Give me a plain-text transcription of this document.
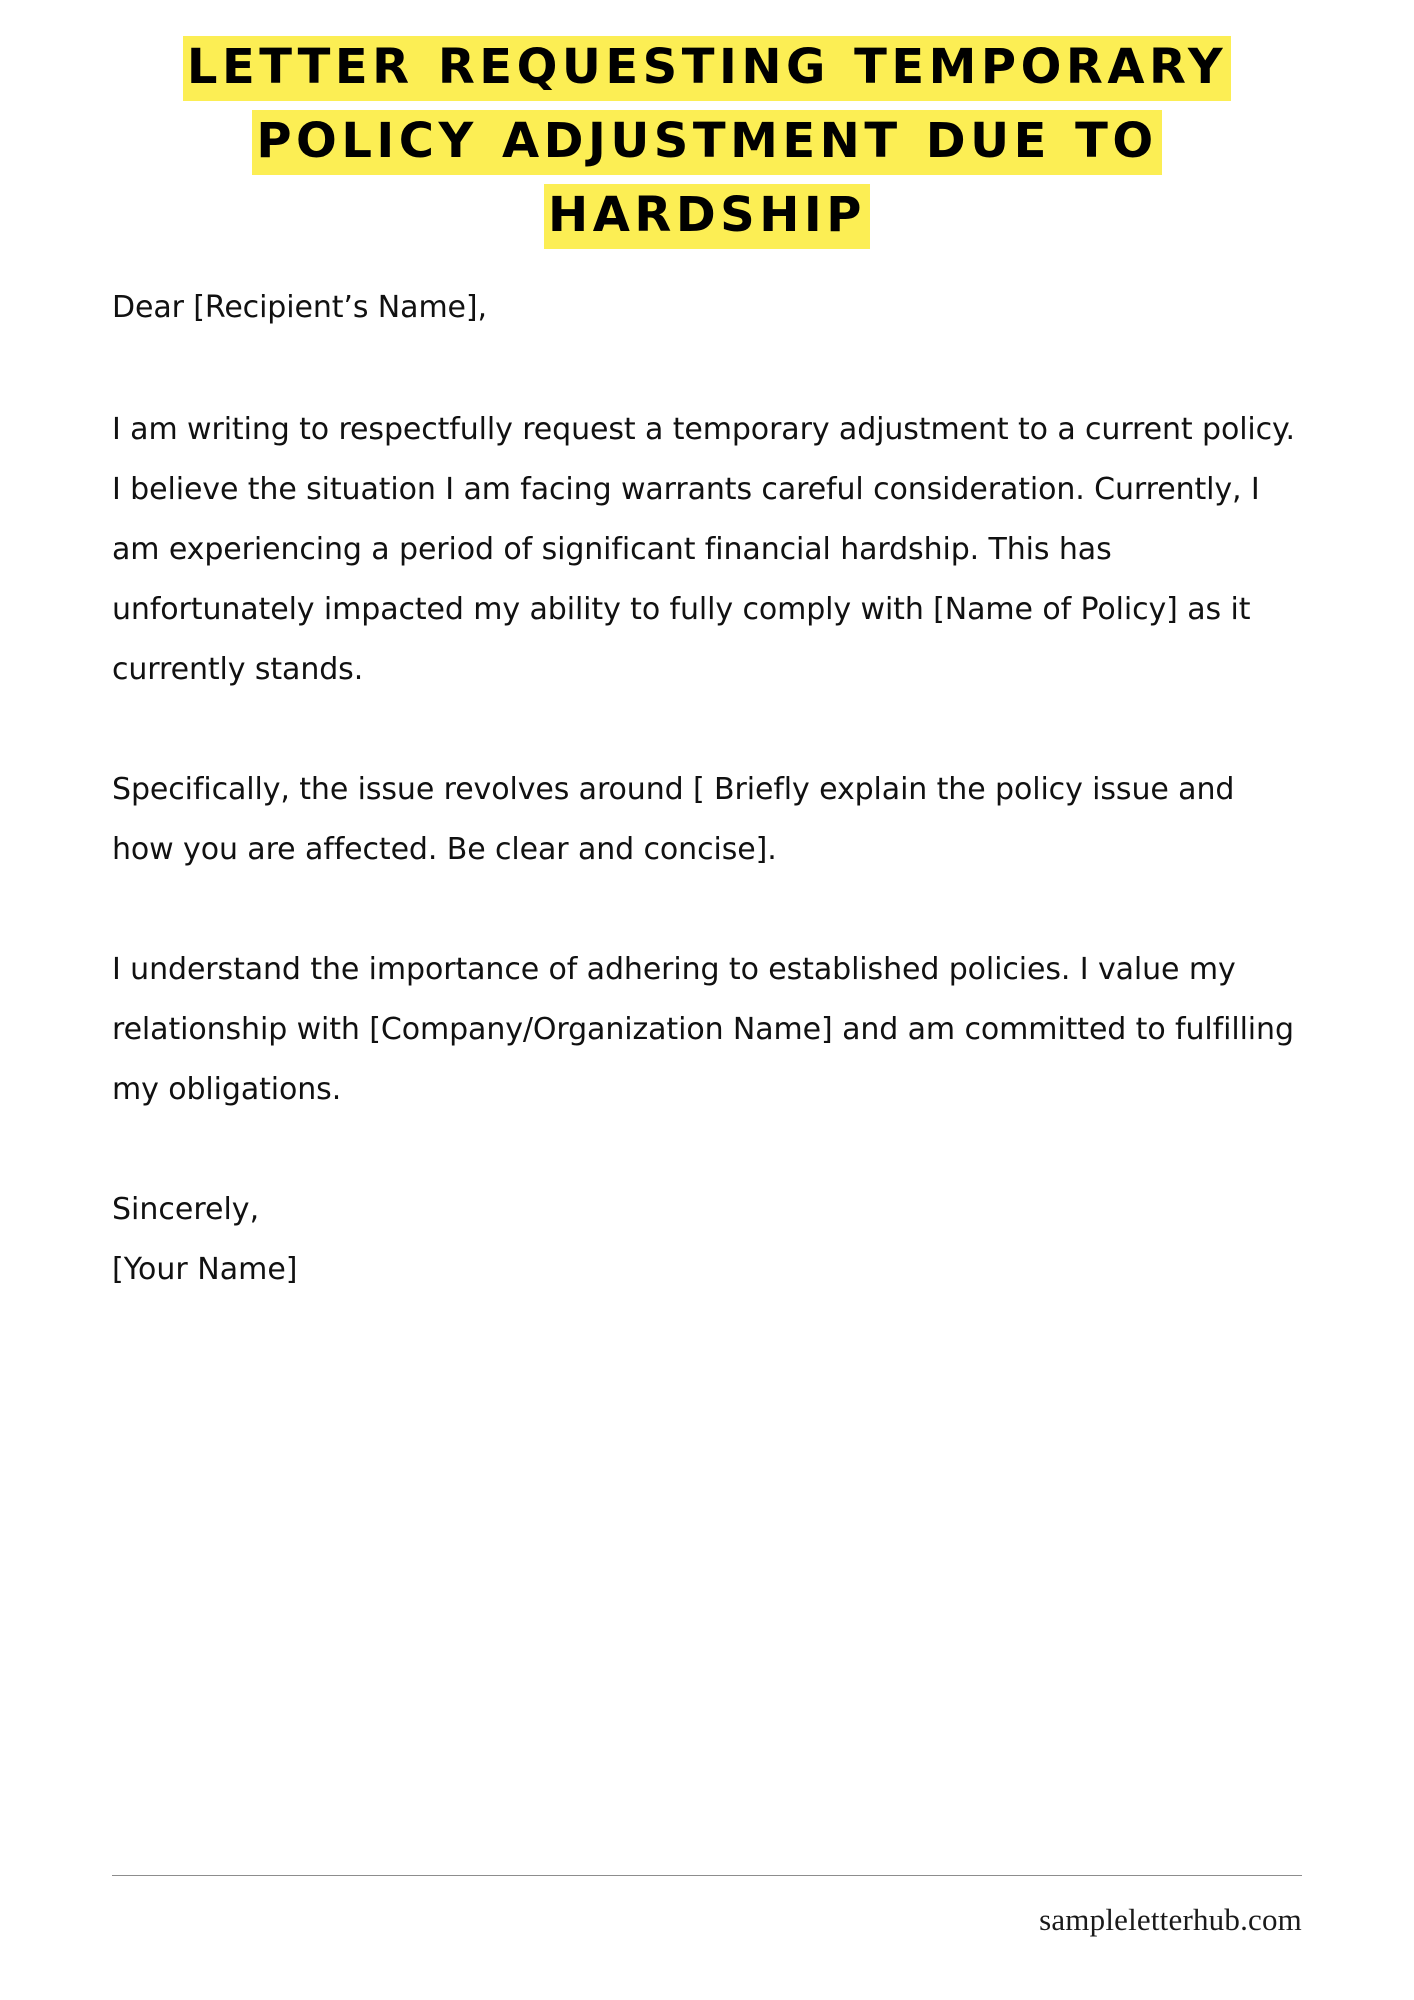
LETTER REQUESTING TEMPORARY
POLICY ADJUSTMENT DUE TO
HARDSHIP

Dear [Recipient’s Name],

I am writing to respectfully request a temporary adjustment to a current policy. I believe the situation I am facing warrants careful consideration. Currently, I am experiencing a period of significant financial hardship. This has unfortunately impacted my ability to fully comply with [Name of Policy] as it currently stands.

Specifically, the issue revolves around [ Briefly explain the policy issue and how you are affected. Be clear and concise].

I understand the importance of adhering to established policies. I value my relationship with [Company/Organization Name] and am committed to fulfilling my obligations.

Sincerely,

[Your Name]

sampleletterhub.com
